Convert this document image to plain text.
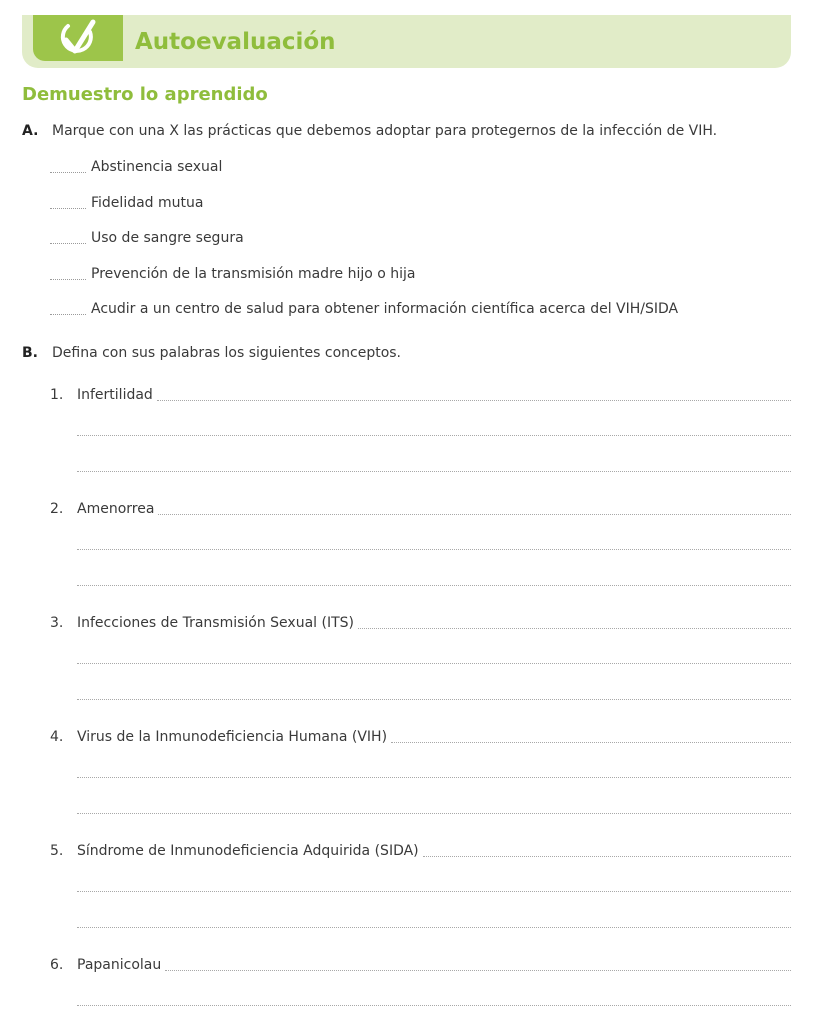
Autoevaluación
Demuestro lo aprendido
A. Marque con una X las prácticas que debemos adoptar para protegernos de la infección de VIH.
Abstinencia sexual
Fidelidad mutua
Uso de sangre segura
Prevención de la transmisión madre hijo o hija
Acudir a un centro de salud para obtener información científica acerca del VIH/SIDA
B. Defina con sus palabras los siguientes conceptos.
1. Infertilidad
2. Amenorrea
3. Infecciones de Transmisión Sexual (ITS)
4. Virus de la Inmunodeficiencia Humana (VIH)
5. Síndrome de Inmunodeficiencia Adquirida (SIDA)
6. Papanicolau
